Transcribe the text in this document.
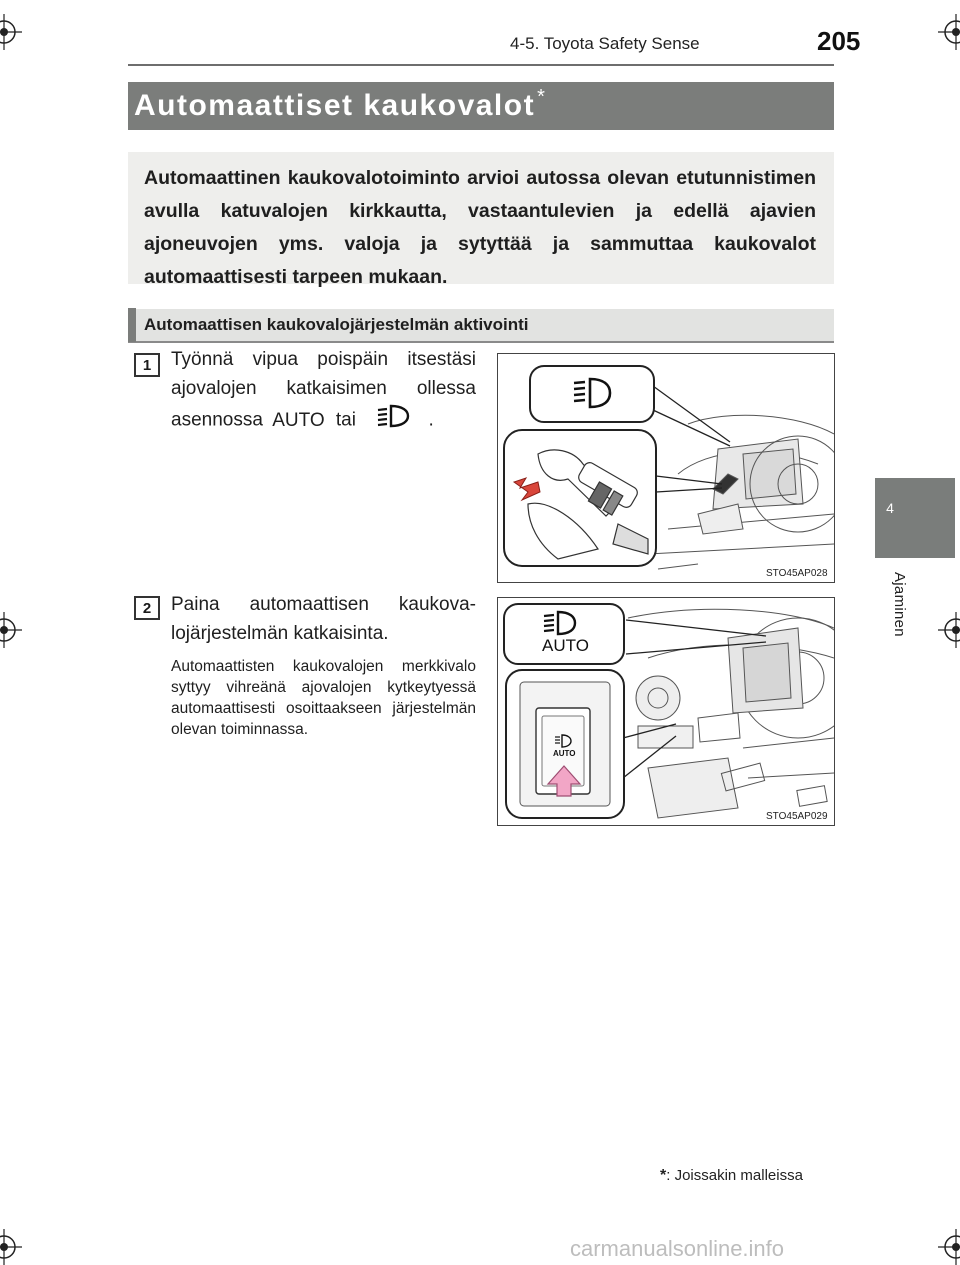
4-5. Toyota Safety Sense	205
4
Ajaminen
Automaattiset kaukovalot *
Automaattinen kaukovalotoiminto arvioi autossa olevan etutunnistimen avulla katuvalojen kirkkautta, vastaantulevien ja edellä ajavien ajoneuvojen yms. valoja ja sytyttää ja sammuttaa kaukovalot automaattisesti tarpeen mukaan.
Automaattisen kaukovalojärjestelmän aktivointi
1	Työnnä vipua poispäin itsestäsi ajovalojen katkaisimen ollessa asennossa AUTO tai	.
STO45AP028
2	Paina automaattisen kaukovalojärjestelmän katkaisinta.
Automaattisten kaukovalojen merkkivalo syttyy vihreänä ajovalojen kytkeytyessä automaattisesti osoittaakseen järjestelmän olevan toiminnassa.
AUTO
AUTO
STO45AP029
*: Joissakin malleissa
carmanualsonline.info
